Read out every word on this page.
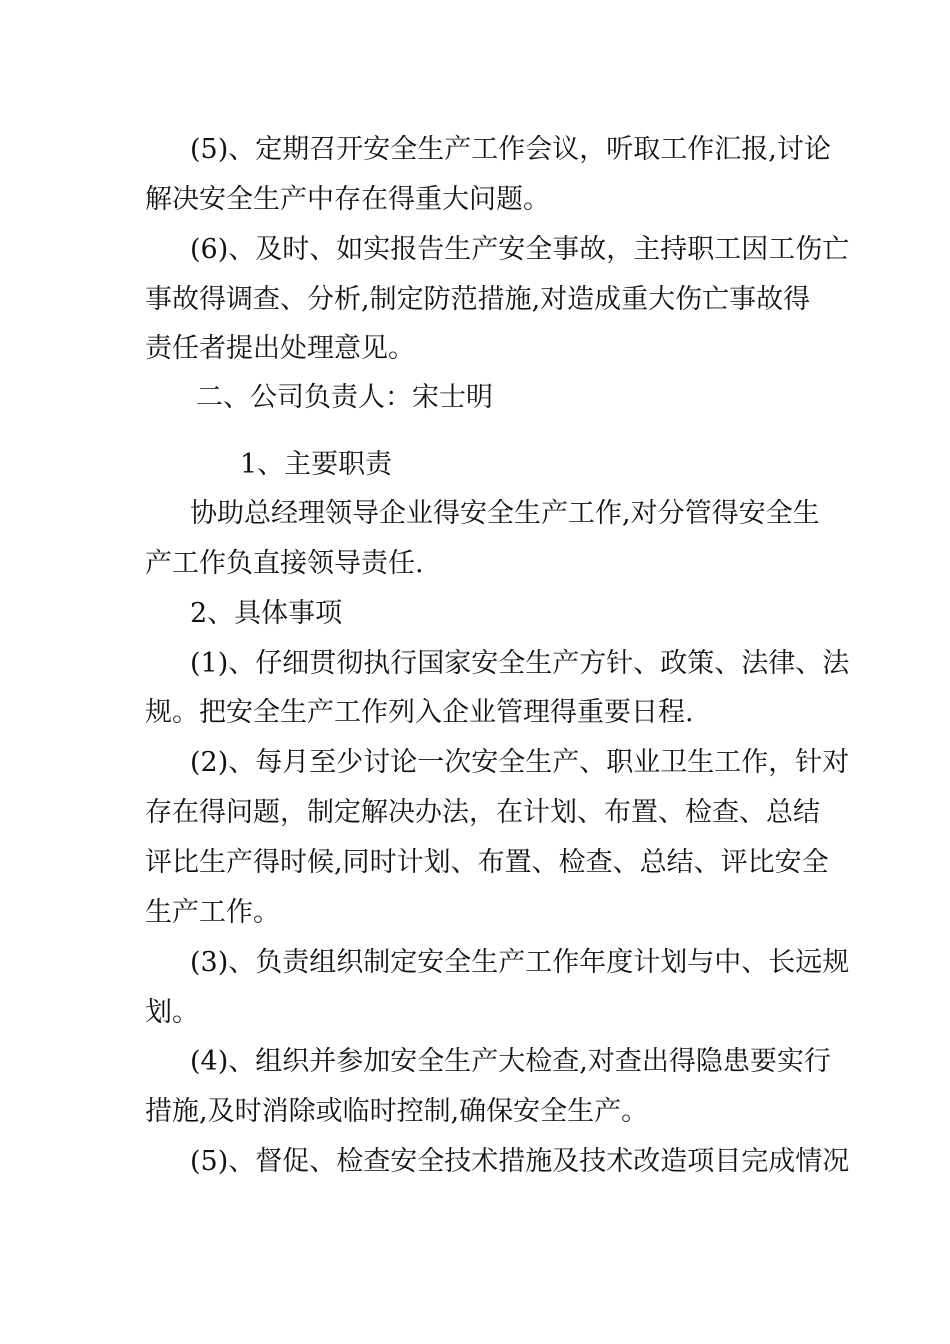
(5)、定期召开安全生产工作会议，听取工作汇报,讨论
解决安全生产中存在得重大问题。
(6)、及时、如实报告生产安全事故，主持职工因工伤亡
事故得调查、分析,制定防范措施,对造成重大伤亡事故得
责任者提出处理意见。
二、公司负责人：宋士明
1、主要职责
协助总经理领导企业得安全生产工作,对分管得安全生
产工作负直接领导责任.
2、具体事项
(1)、仔细贯彻执行国家安全生产方针、政策、法律、法
规。把安全生产工作列入企业管理得重要日程.
(2)、每月至少讨论一次安全生产、职业卫生工作，针对
存在得问题，制定解决办法，在计划、布置、检查、总结
评比生产得时候,同时计划、布置、检查、总结、评比安全
生产工作。
(3)、负责组织制定安全生产工作年度计划与中、长远规
划。
(4)、组织并参加安全生产大检查,对查出得隐患要实行
措施,及时消除或临时控制,确保安全生产。
(5)、督促、检查安全技术措施及技术改造项目完成情况
